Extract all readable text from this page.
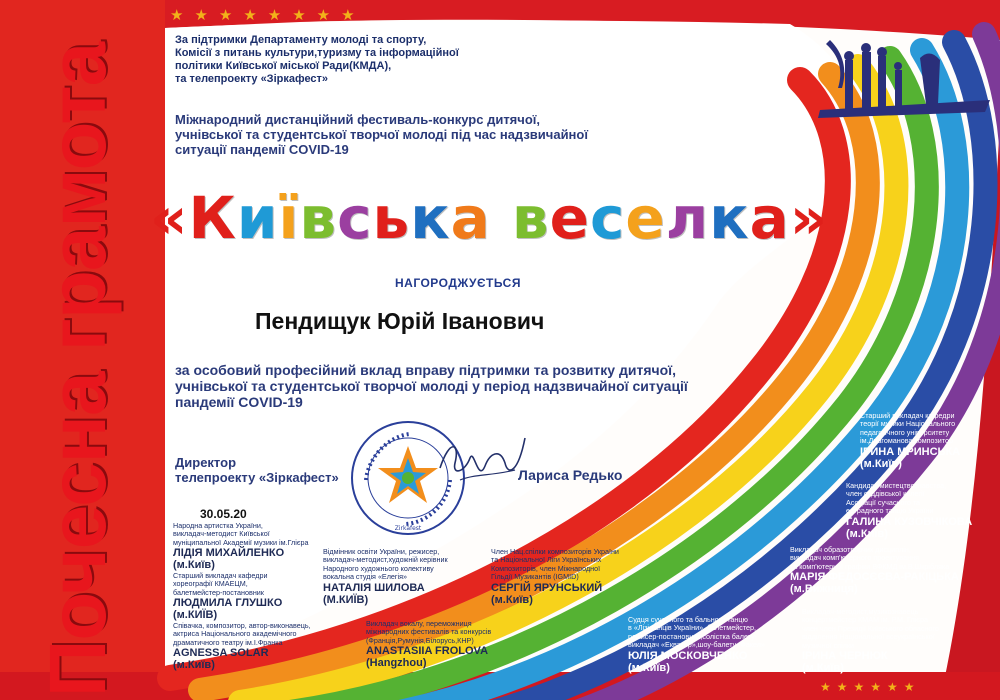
★★★★★★★★
★★★★★★
Почесна грамота
За підтримки Департаменту молоді та спорту,
Комісії з питань культури,туризму та інформаційної
політики Київської міської Ради(КМДА),
та телепроекту «Зіркафест»
Міжнародний дистанційний фестиваль-конкурс дитячої,
учнівської та студентської творчої молоді під час надзвичайної
ситуації пандемії COVID-19
«Київська веселка»
НАГОРОДЖУЄТЬСЯ
Пендищук Юрій Іванович
за особовий професійний вклад вправу підтримки та розвитку дитячої,
учнівської та студентської творчої молоді у період надзвичайної ситуації
пандемії COVID-19
Директор
телепроекту «Зіркафест»	Лариса Редько
Zirkafest
30.05.20
Народна артистка України,
викладач-методист Київської
муніципальної Академії музики ім.Глієра
ЛІДІЯ МИХАЙЛЕНКО
(м.Київ)
Старший викладач кафедри
хореографії КМАЕЦМ,
балетмейстер-постановник
ЛЮДМИЛА ГЛУШКО
(м.КИЇВ)
Співачка, композитор, автор-виконавець,
актриса Національного академічного
драматичного театру ім.І.Франка
AGNESSA SOLAR
(м.Київ)
Відмінник освіти України, режисер,
викладач-методист,художній керівник
Народного художнього колективу
вокальна студія «Елегія»
НАТАЛІЯ ШИЛОВА
(М.КИЇВ)
Викладач вокалу, переможниця
міжнародних фестивалів та конкурсів
(Франція,Румунія,Білорусь,КНР)
ANASTASIIA FROLOVA
(Hangzhou)
Член Нац.спілки композиторів України
та Національної Ліги Українських
Композиторів, член Міжнародної
Гільдії Музикантів (IGMID)
СЕРГІЙ ЯРУНСЬКИЙ
(м.Київ)
Судця сучасного та бального танцю
в «Лізі танців України», балетмейстер,
режисер-постановник,солістка балету-
викладач «Екватор»,шоу-балету«Факел»
ЮЛІЯ МОСКОВЧЕНКО
(м.Київ)
Старший викладач кафедри
теорії музики Національного
педагогічного університету
ім.Драгоманова,композитор
ІРИНА МРИНСЬКА
(м.Київ)
Кандидат мистецтвознавства,
член суддівської колегії
Асоціації сучасного та
естрадного танцю України
ГАЛИНА КУЗОВЧІКОВА
(м.Київ)
Викладач образотворчих дисциплін,
викладач комп'ютерного проектування
та комп'ютерної графіки ВФКМД ім.В.Шкрібляка
МАРІЯ ФЕДОСЄЄВА-РАКІЦЬКА
(м.Вижниця)
Викладач-методист,музикознавець
концертмейстер КМАМ ім. Р.М. Глієра
член член Президії Київського обласного
відділення Національної всеукраїнської
музичної спілки
ІРИНА ЧЕРНЮК
(м.Київ)
